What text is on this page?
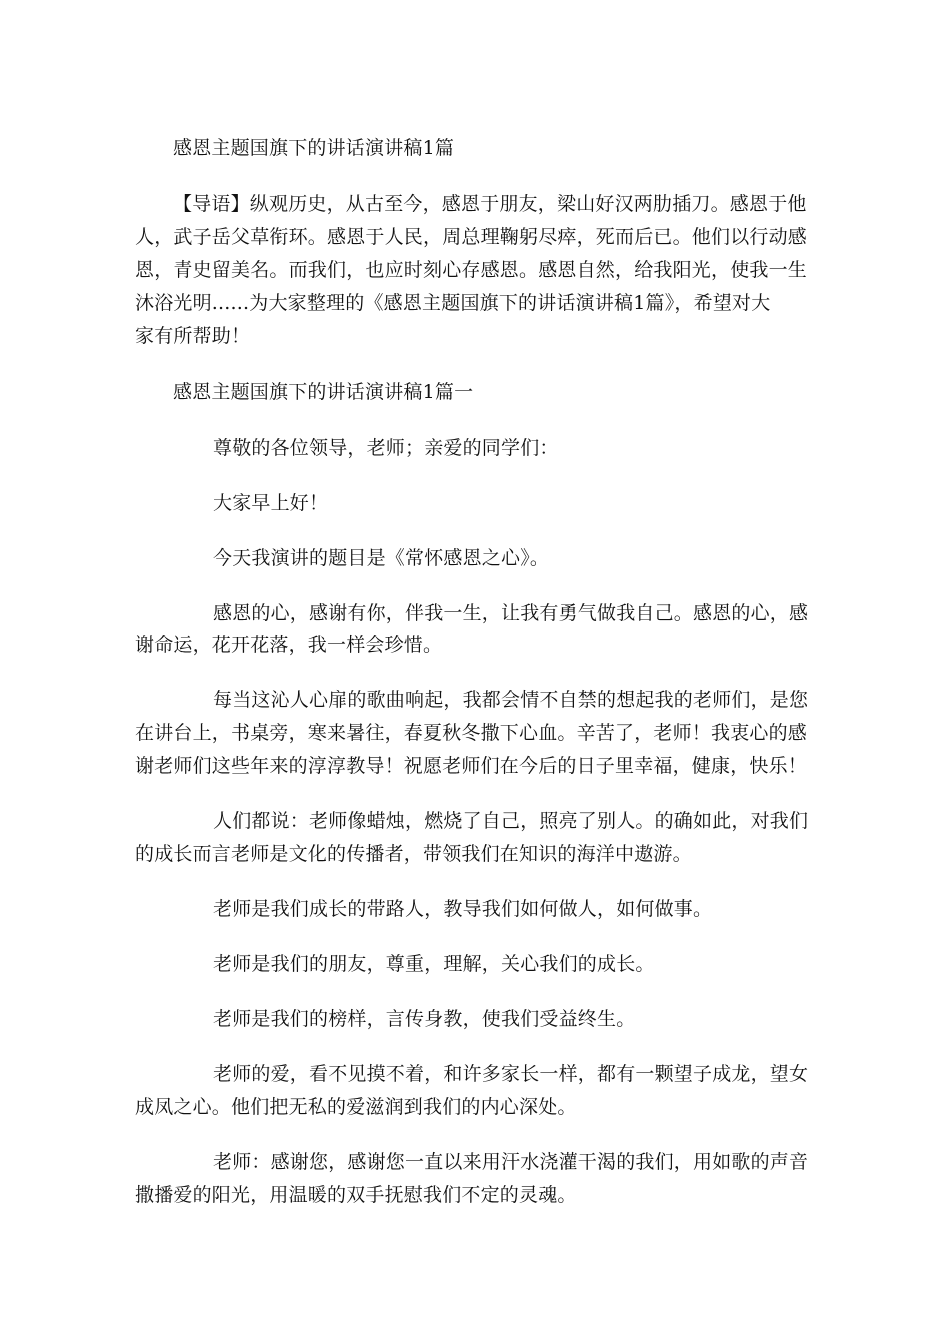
感恩主题国旗下的讲话演讲稿1篇
【导语】纵观历史，从古至今，感恩于朋友，梁山好汉两肋插刀。感恩于他
人，武子岳父草衔环。感恩于人民，周总理鞠躬尽瘁，死而后已。他们以行动感
恩，青史留美名。而我们，也应时刻心存感恩。感恩自然，给我阳光，使我一生
沐浴光明......为大家整理的《感恩主题国旗下的讲话演讲稿1篇》，希望对大
家有所帮助！
感恩主题国旗下的讲话演讲稿1篇一
尊敬的各位领导，老师；亲爱的同学们：
大家早上好！
今天我演讲的题目是《常怀感恩之心》。
感恩的心，感谢有你，伴我一生，让我有勇气做我自己。感恩的心，感
谢命运，花开花落，我一样会珍惜。
每当这沁人心扉的歌曲响起，我都会情不自禁的想起我的老师们，是您
在讲台上，书桌旁，寒来暑往，春夏秋冬撒下心血。辛苦了，老师！我衷心的感
谢老师们这些年来的淳淳教导！祝愿老师们在今后的日子里幸福，健康，快乐！
人们都说：老师像蜡烛，燃烧了自己，照亮了别人。的确如此，对我们
的成长而言老师是文化的传播者，带领我们在知识的海洋中遨游。
老师是我们成长的带路人，教导我们如何做人，如何做事。
老师是我们的朋友，尊重，理解，关心我们的成长。
老师是我们的榜样，言传身教，使我们受益终生。
老师的爱，看不见摸不着，和许多家长一样，都有一颗望子成龙，望女
成凤之心。他们把无私的爱滋润到我们的内心深处。
老师：感谢您，感谢您一直以来用汗水浇灌干渴的我们，用如歌的声音
撒播爱的阳光，用温暖的双手抚慰我们不定的灵魂。
